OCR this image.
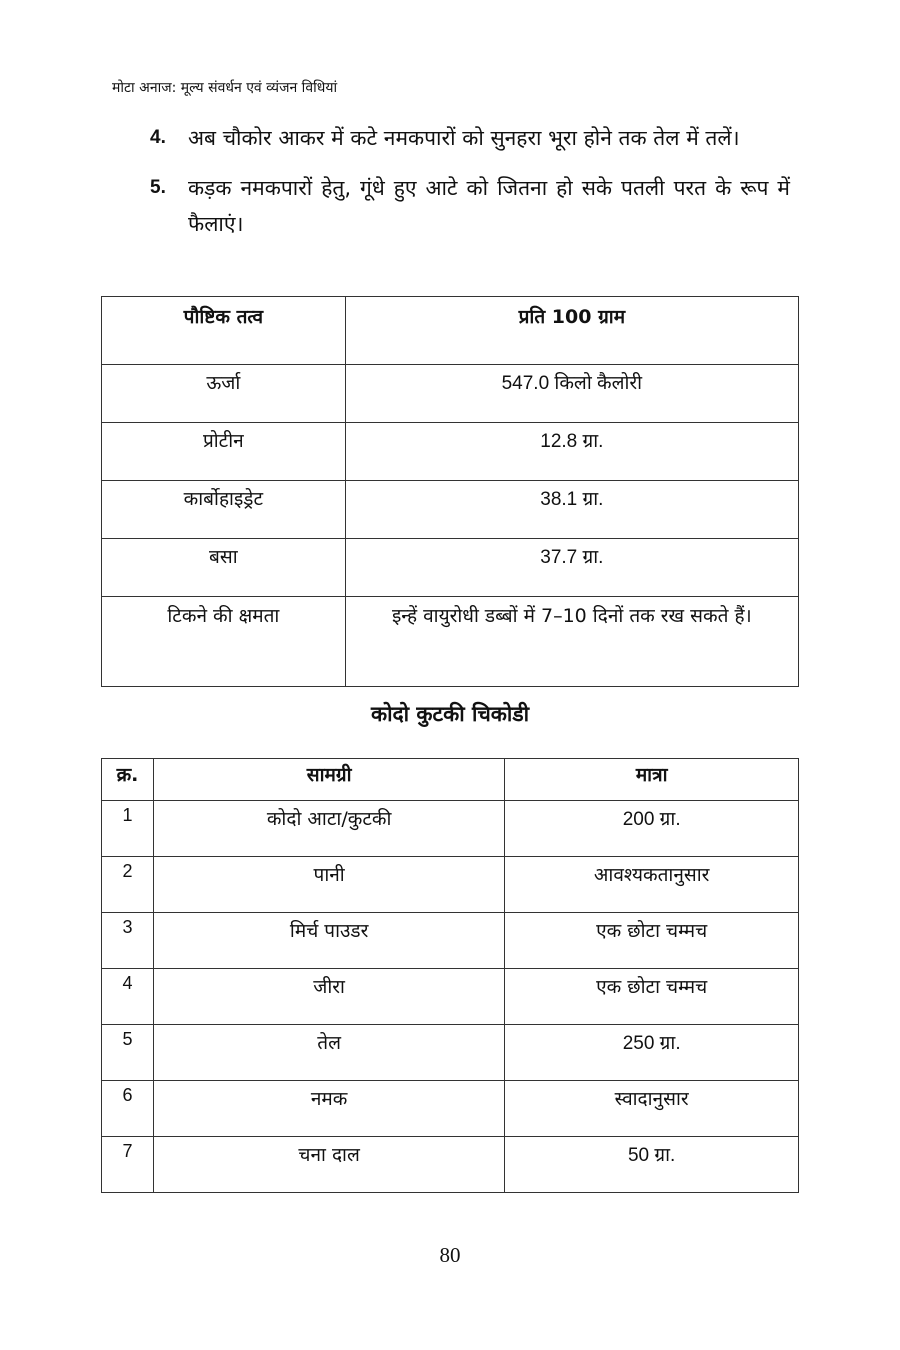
मोटा अनाज: मूल्य संवर्धन एवं व्यंजन विधियां
4.	अब चौकोर आकर में कटे नमकपारों को सुनहरा भूरा होने तक तेल में तलें।
5.	कड़क नमकपारों हेतु, गूंधे हुए आटे को जितना हो सके पतली परत के रूप में फैलाएं।
पौष्टिक तत्व	प्रति 100 ग्राम
ऊर्जा	547.0 किलो कैलोरी
प्रोटीन	12.8 ग्रा.
कार्बोहाइड्रेट	38.1 ग्रा.
बसा	37.7 ग्रा.
टिकने की क्षमता	इन्हें वायुरोधी डब्बों में 7–10 दिनों तक रख सकते हैं।
कोदो कुटकी चिकोडी
क्र.	सामग्री	मात्रा
1	कोदो आटा/कुटकी	200 ग्रा.
2	पानी	आवश्यकतानुसार
3	मिर्च पाउडर	एक छोटा चम्मच
4	जीरा	एक छोटा चम्मच
5	तेल	250 ग्रा.
6	नमक	स्वादानुसार
7	चना दाल	50 ग्रा.
80
